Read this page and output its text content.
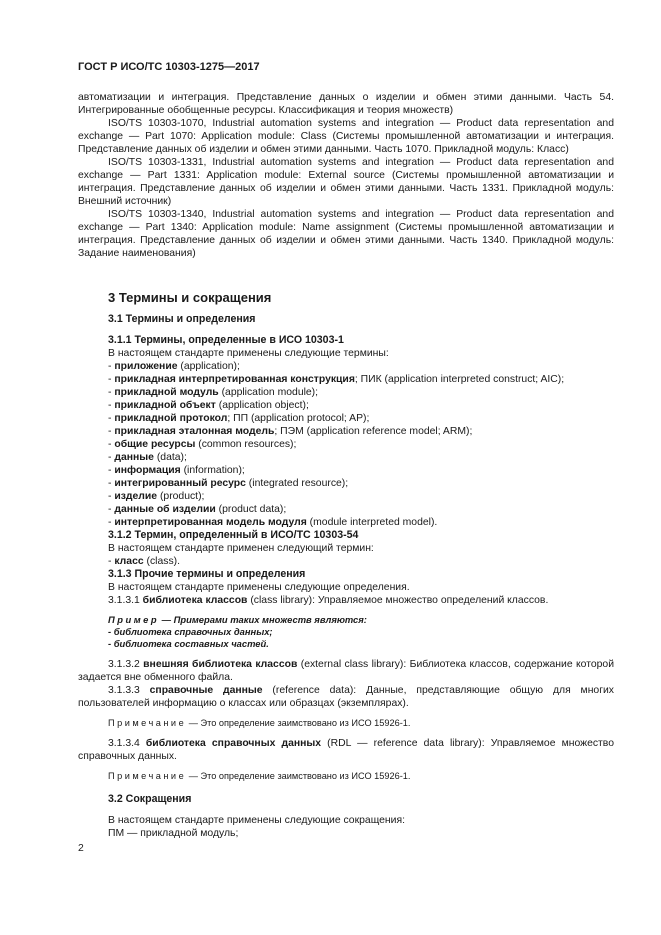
ГОСТ Р ИСО/ТС 10303-1275—2017

автоматизации и интеграция. Представление данных о изделии и обмен этими данными. Часть 54. Интегрированные обобщенные ресурсы. Классификация и теория множеств)

ISO/TS 10303-1070, Industrial automation systems and integration — Product data representation and exchange — Part 1070: Application module: Class (Системы промышленной автоматизации и интеграция. Представление данных об изделии и обмен этими данными. Часть 1070. Прикладной модуль: Класс)

ISO/TS 10303-1331, Industrial automation systems and integration — Product data representation and exchange — Part 1331: Application module: External source (Системы промышленной автоматизации и интеграция. Представление данных об изделии и обмен этими данными. Часть 1331. Прикладной модуль: Внешний источник)

ISO/TS 10303-1340, Industrial automation systems and integration — Product data representation and exchange — Part 1340: Application module: Name assignment (Системы промышленной автоматизации и интеграция. Представление данных об изделии и обмен этими данными. Часть 1340. Прикладной модуль: Задание наименования)

3 Термины и сокращения

3.1 Термины и определения

3.1.1 Термины, определенные в ИСО 10303-1

В настоящем стандарте применены следующие термины:

- приложение (application);

- прикладная интерпретированная конструкция; ПИК (application interpreted construct; AIC);

- прикладной модуль (application module);

- прикладной объект (application object);

- прикладной протокол; ПП (application protocol; AP);

- прикладная эталонная модель; ПЭМ (application reference model; ARM);

- общие ресурсы (common resources);

- данные (data);

- информация (information);

- интегрированный ресурс (integrated resource);

- изделие (product);

- данные об изделии (product data);

- интерпретированная модель модуля (module interpreted model).

3.1.2 Термин, определенный в ИСО/ТС 10303-54

В настоящем стандарте применен следующий термин:

- класс (class).

3.1.3 Прочие термины и определения

В настоящем стандарте применены следующие определения.

3.1.3.1 библиотека классов (class library): Управляемое множество определений классов.

Пример — Примерами таких множеств являются:

- библиотека справочных данных;

- библиотека составных частей.

3.1.3.2 внешняя библиотека классов (external class library): Библиотека классов, содержание которой задается вне обменного файла.

3.1.3.3 справочные данные (reference data): Данные, представляющие общую для многих пользователей информацию о классах или образцах (экземплярах).

Примечание — Это определение заимствовано из ИСО 15926-1.

3.1.3.4 библиотека справочных данных (RDL — reference data library): Управляемое множество справочных данных.

Примечание — Это определение заимствовано из ИСО 15926-1.

3.2 Сокращения

В настоящем стандарте применены следующие сокращения:

ПМ — прикладной модуль;

2
